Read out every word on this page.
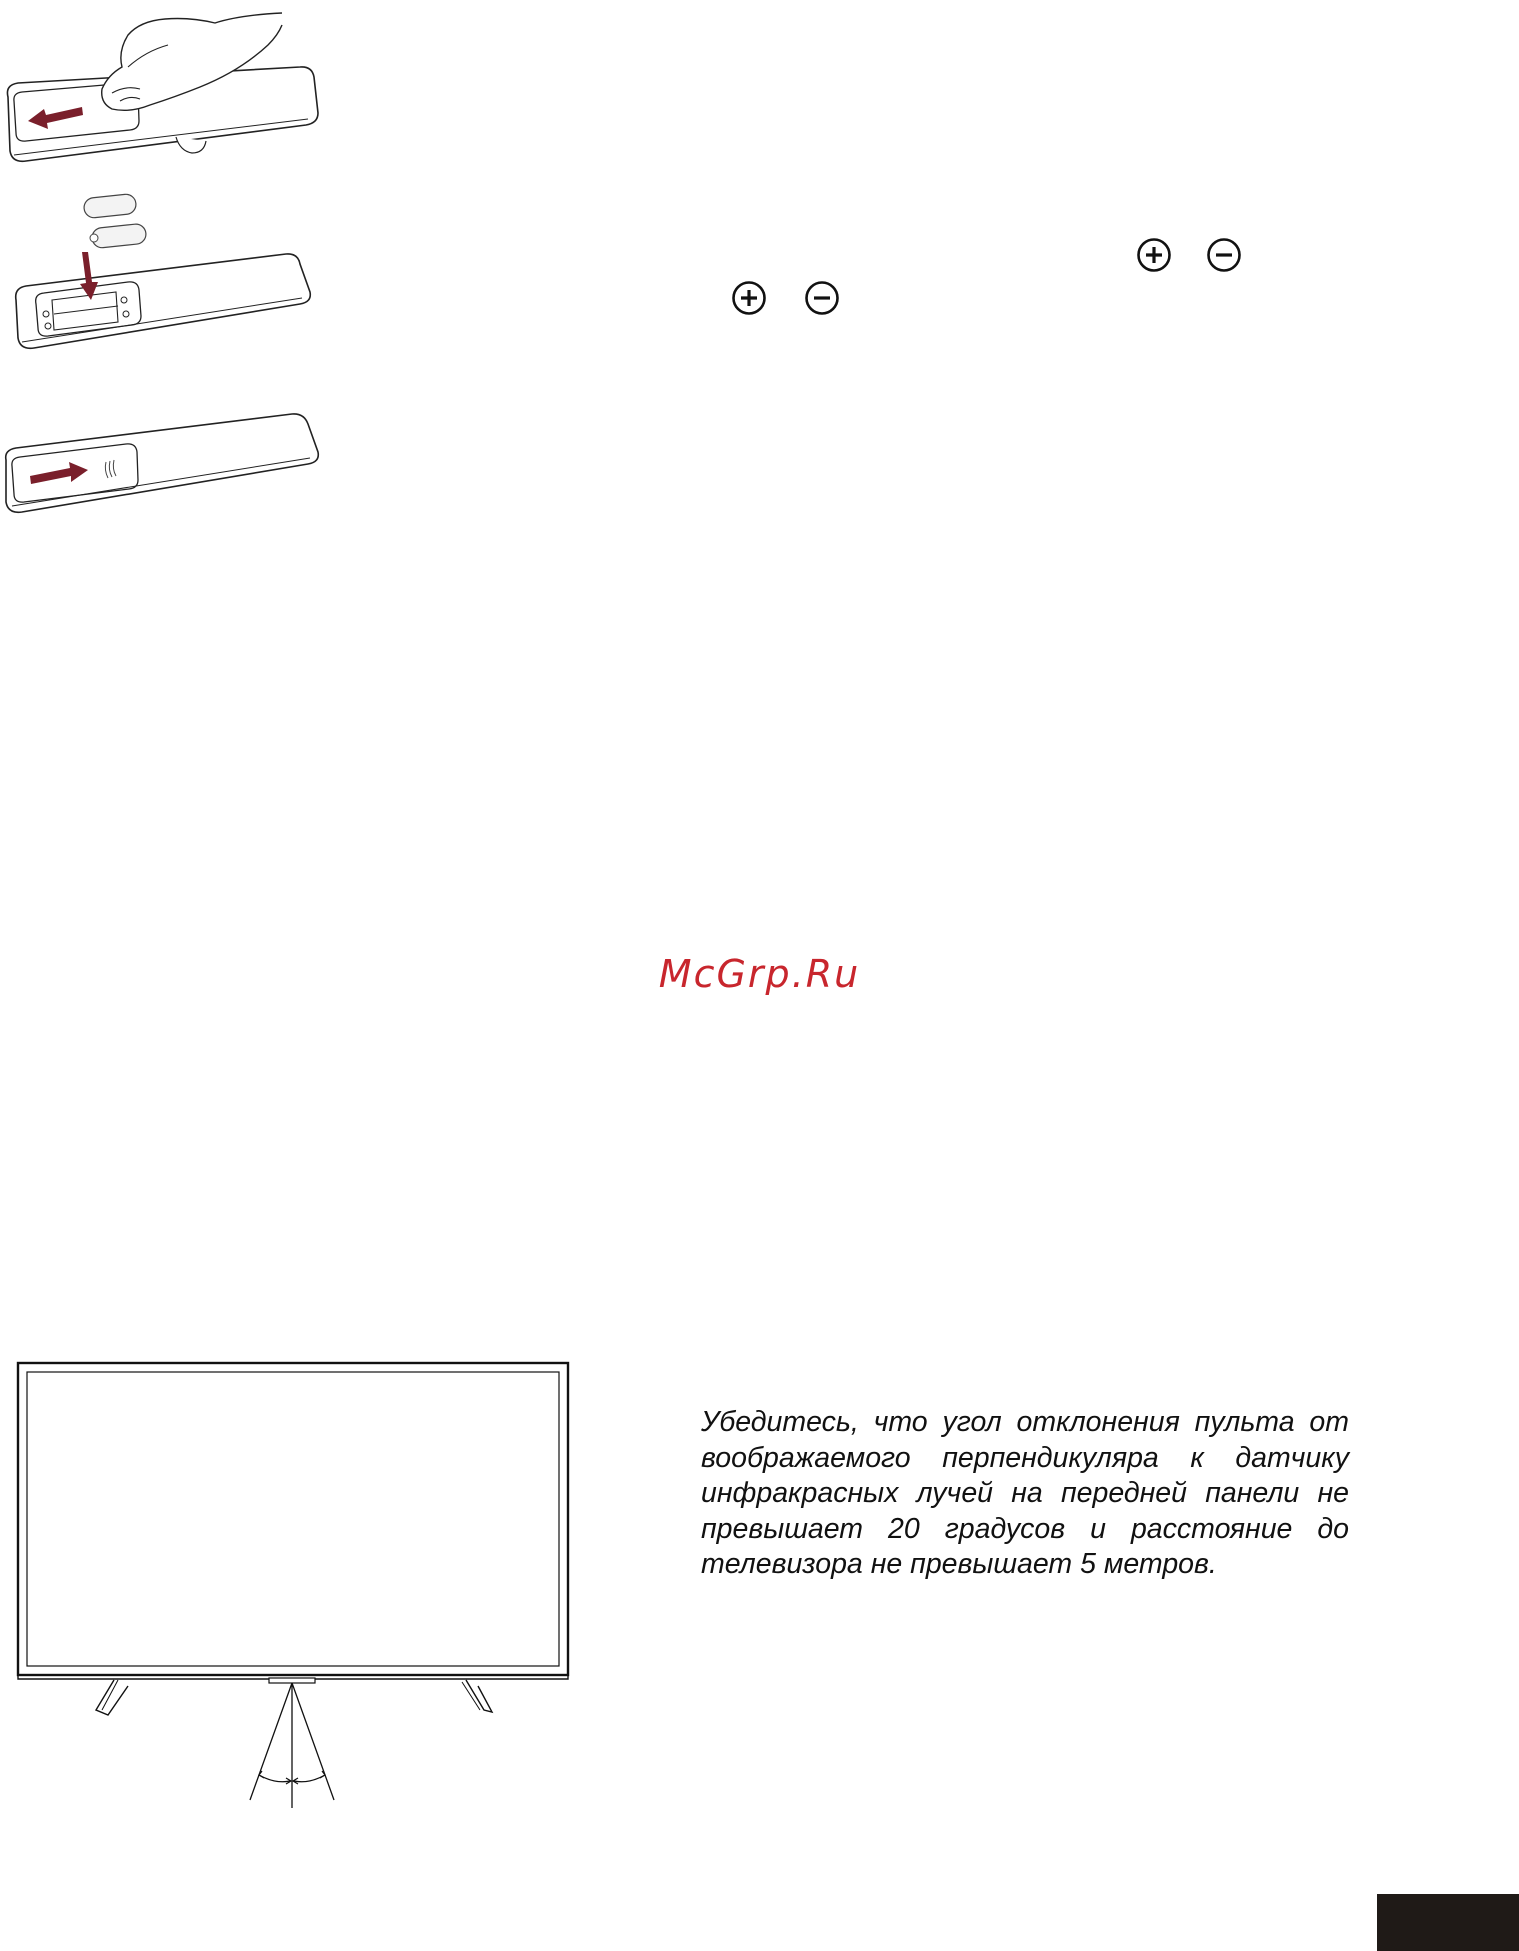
McGrp.Ru
Убедитесь, что угол отклонения пульта от воображаемого перпендикуляра к датчику инфракрасных лучей на передней панели не превышает 20 градусов и расстояние до телевизора не превышает 5 метров.
